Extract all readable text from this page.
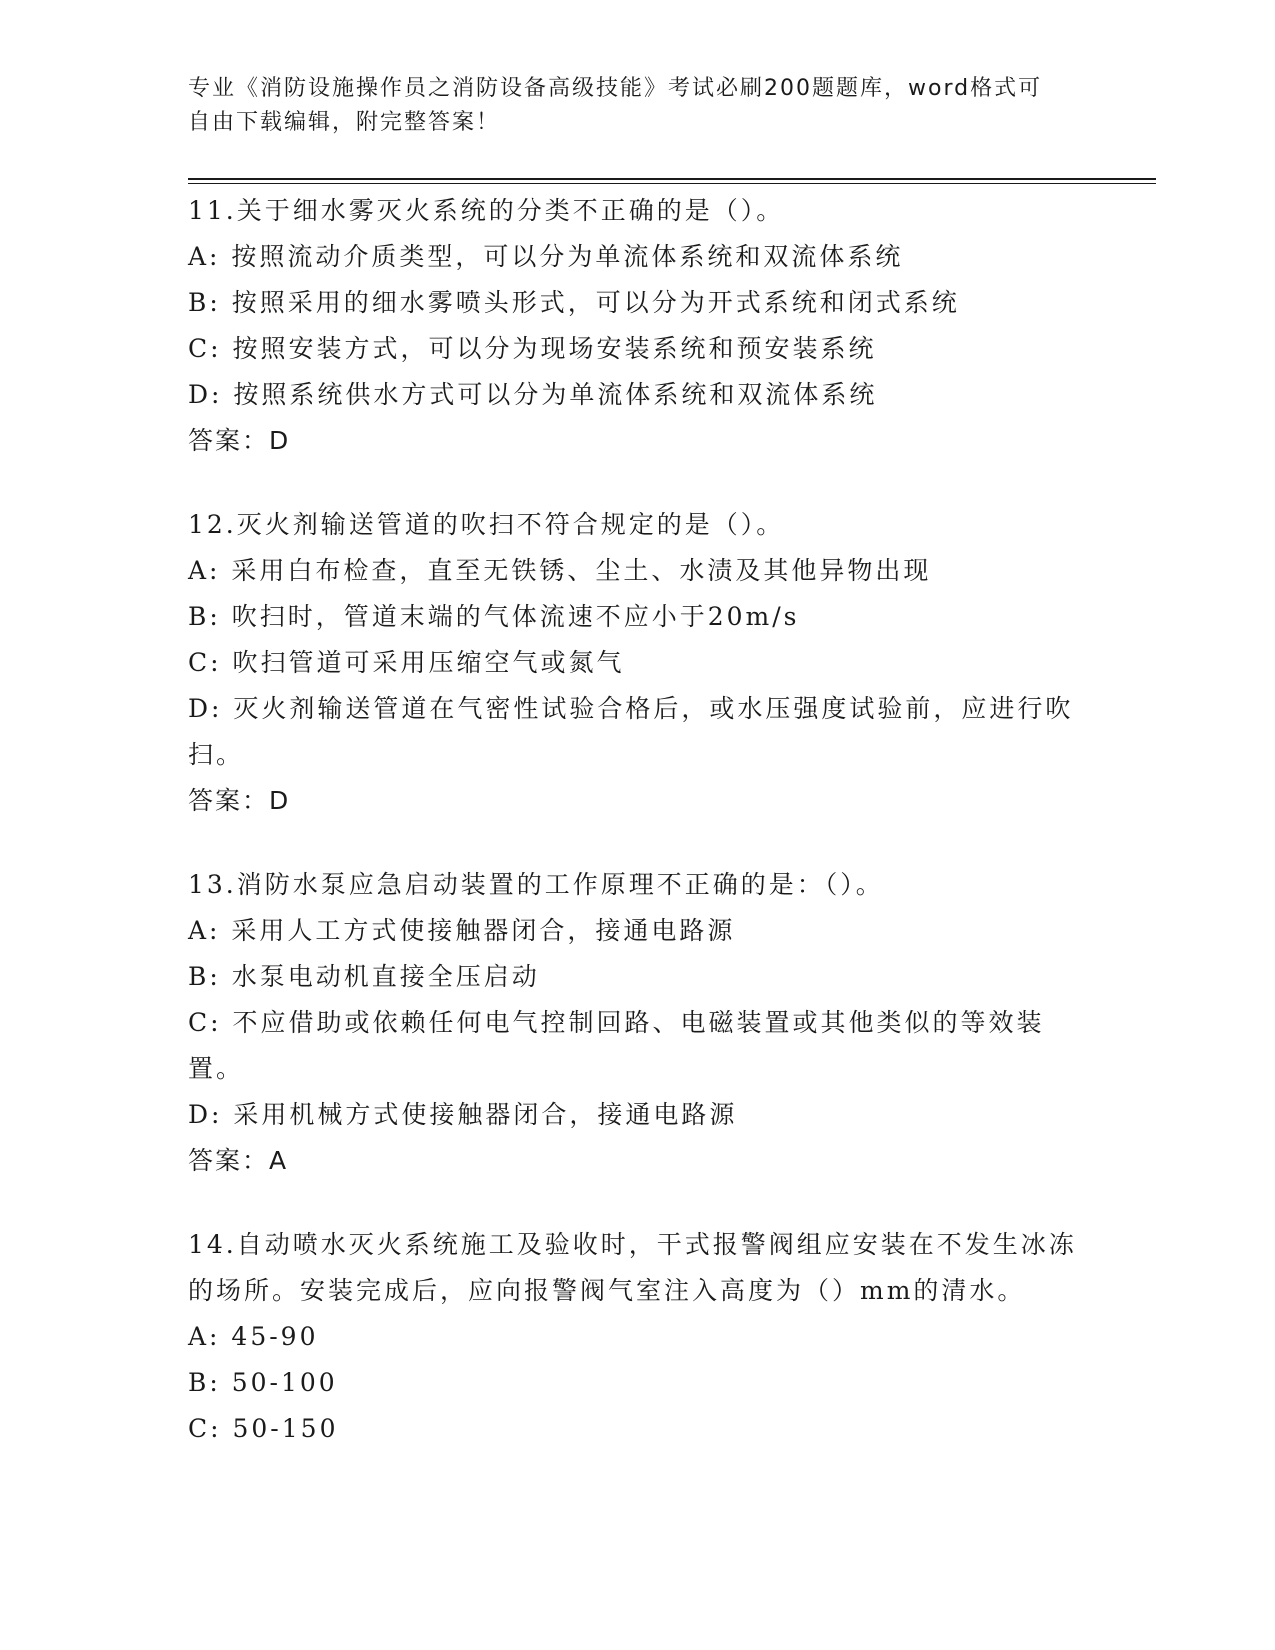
专业《消防设施操作员之消防设备高级技能》考试必刷200题题库，word格式可
自由下载编辑，附完整答案！

11.关于细水雾灭火系统的分类不正确的是（）。

A: 按照流动介质类型，可以分为单流体系统和双流体系统

B: 按照采用的细水雾喷头形式，可以分为开式系统和闭式系统

C: 按照安装方式，可以分为现场安装系统和预安装系统

D: 按照系统供水方式可以分为单流体系统和双流体系统

答案：D

12.灭火剂输送管道的吹扫不符合规定的是（）。

A: 采用白布检查，直至无铁锈、尘土、水渍及其他异物出现

B: 吹扫时，管道末端的气体流速不应小于20m/s

C: 吹扫管道可采用压缩空气或氮气

D: 灭火剂输送管道在气密性试验合格后，或水压强度试验前，应进行吹扫。

答案：D

13.消防水泵应急启动装置的工作原理不正确的是：（）。

A: 采用人工方式使接触器闭合，接通电路源

B: 水泵电动机直接全压启动

C: 不应借助或依赖任何电气控制回路、电磁装置或其他类似的等效装置。

D: 采用机械方式使接触器闭合，接通电路源

答案：A

14.自动喷水灭火系统施工及验收时，干式报警阀组应安装在不发生冰冻的场所。安装完成后，应向报警阀气室注入高度为（）mm的清水。

A: 45-90

B: 50-100

C: 50-150
